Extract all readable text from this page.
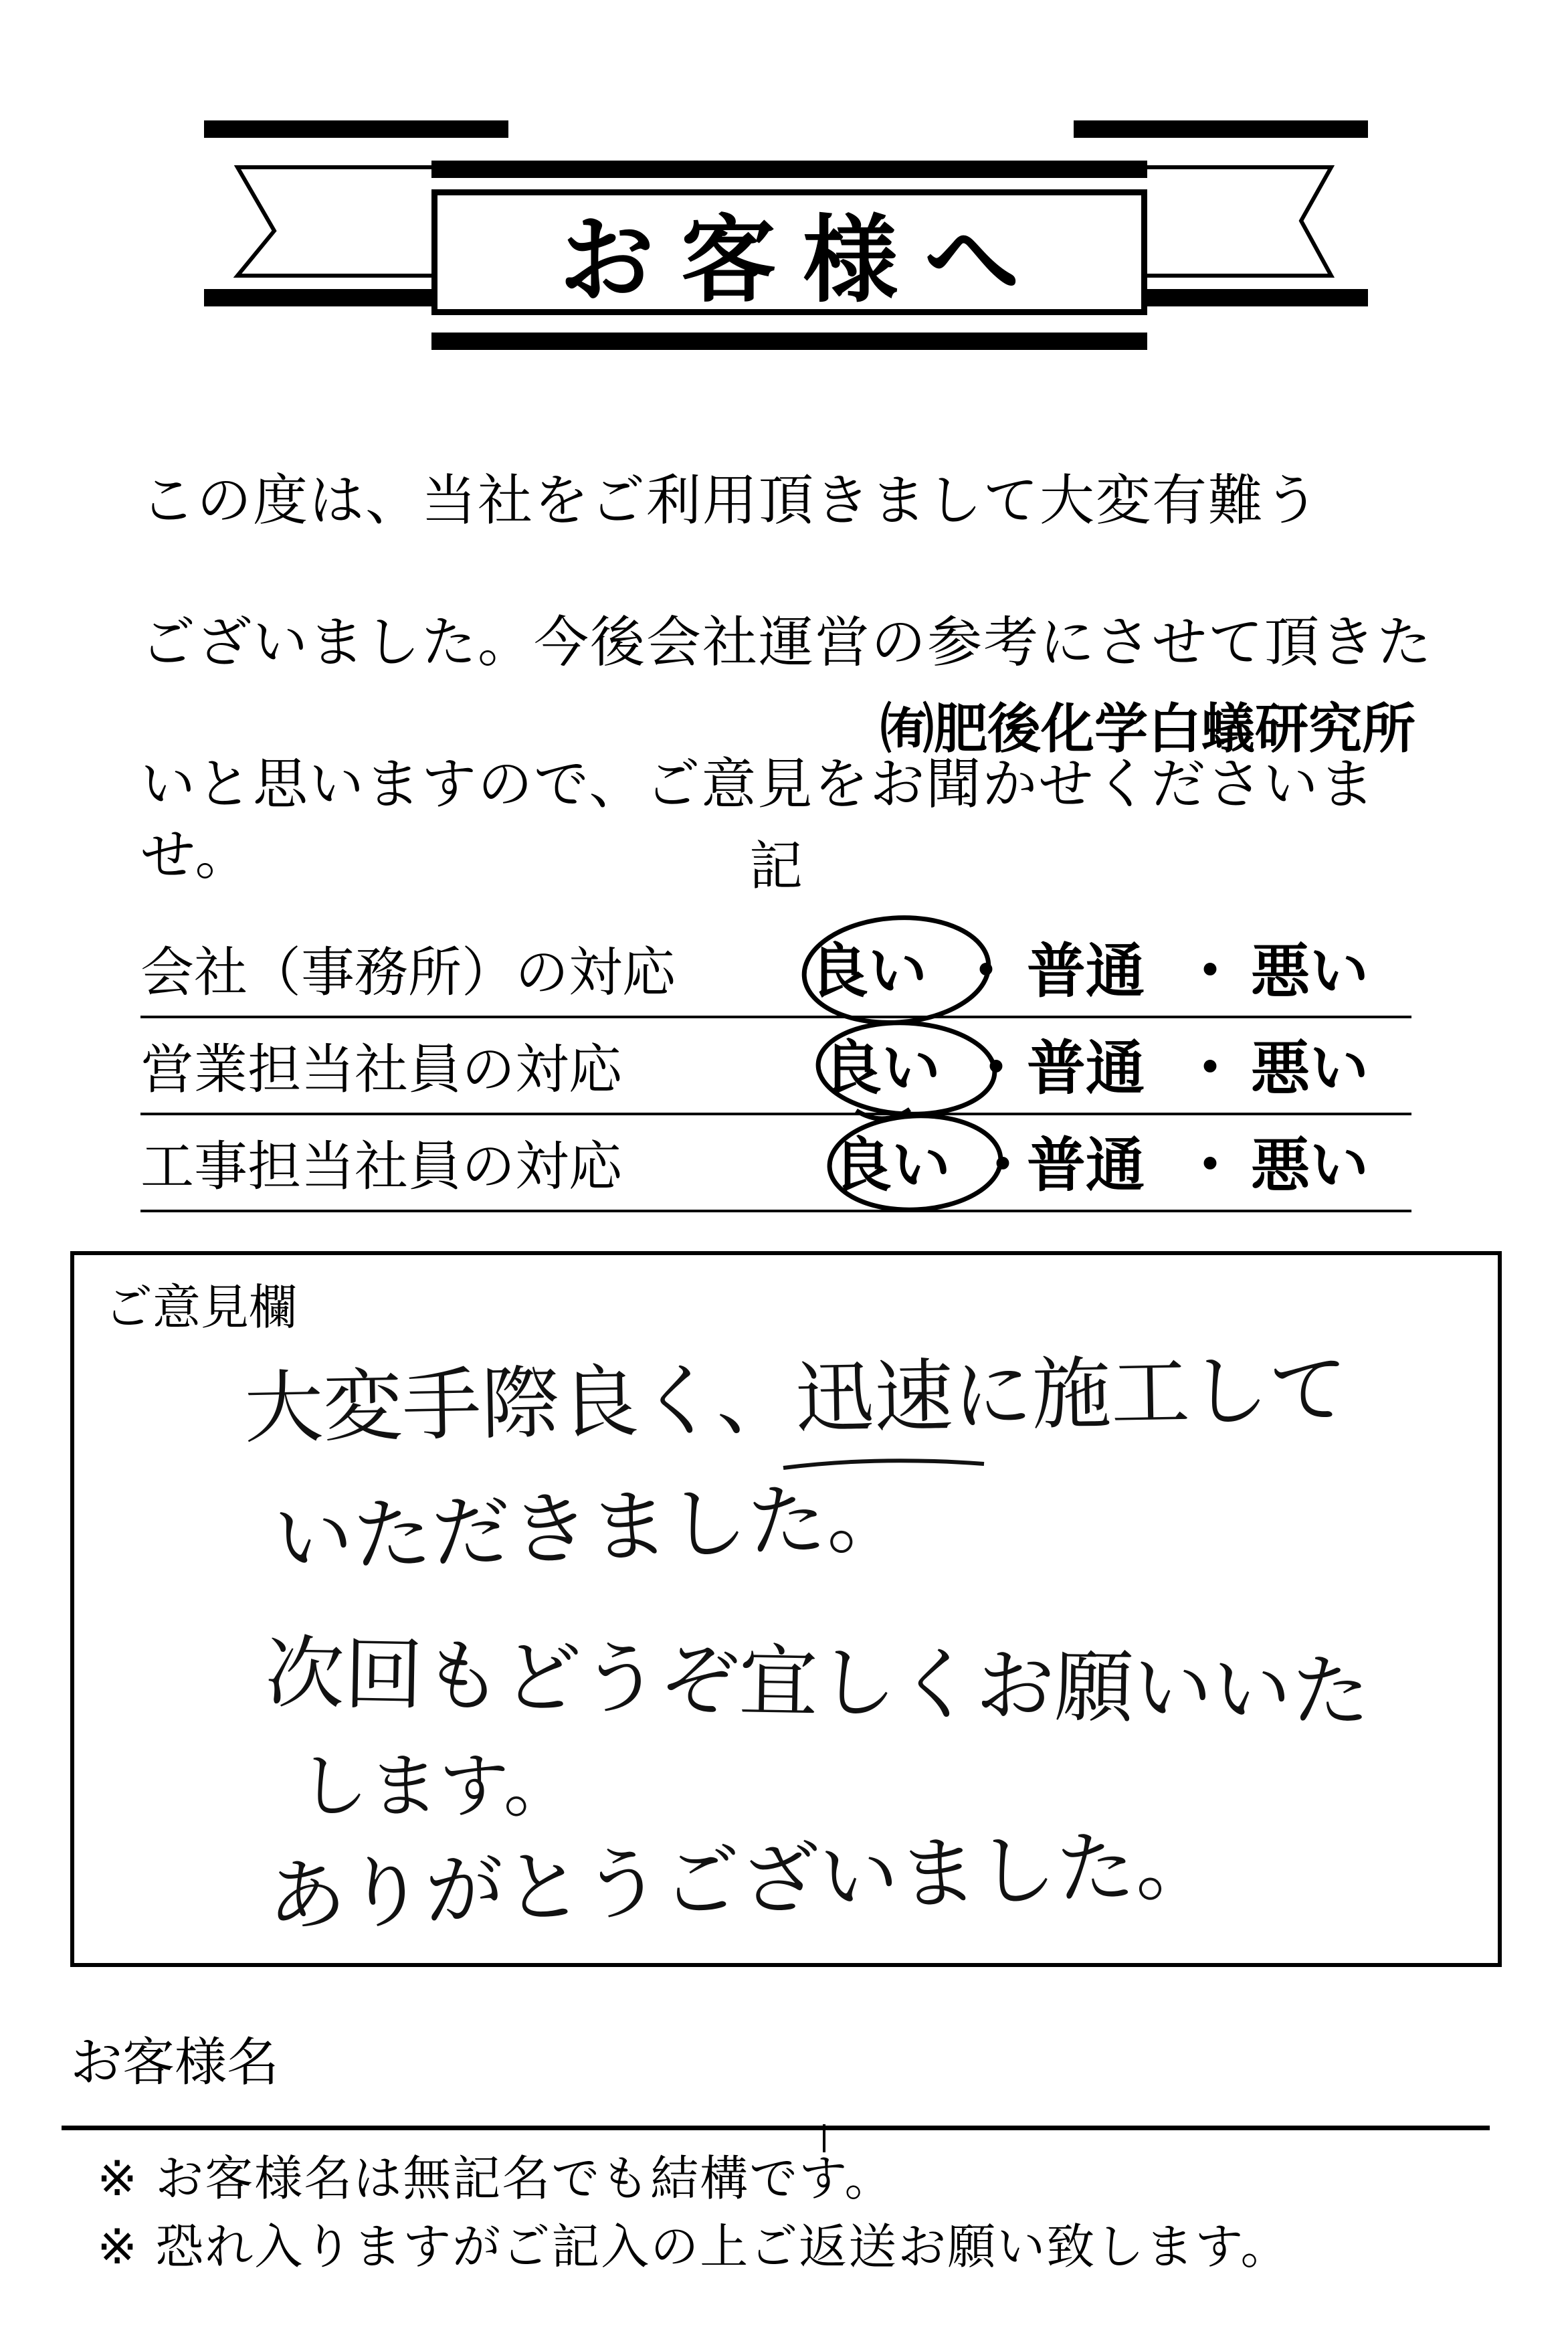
お客様へ

この度は、当社をご利用頂きまして大変有難う

ございました。今後会社運営の参考にさせて頂きた

いと思いますので、ご意見をお聞かせくださいませ。

㈲肥後化学白蟻研究所
記
会社（事務所）の対応 良い ・ 普通 ・ 悪い
営業担当社員の対応	良い ・ 普通 ・ 悪い
工事担当社員の対応	良い ・
普通 ・ 悪い
ご意見欄
大変手際良く、迅速に施工して
いただきました。
次回もどうぞ宜しくお願いいた
します。
ありがとうございました。
お客様名
※ お客様名は無記名でも結構です。
※ 恐れ入りますがご記入の上ご返送お願い致します。
